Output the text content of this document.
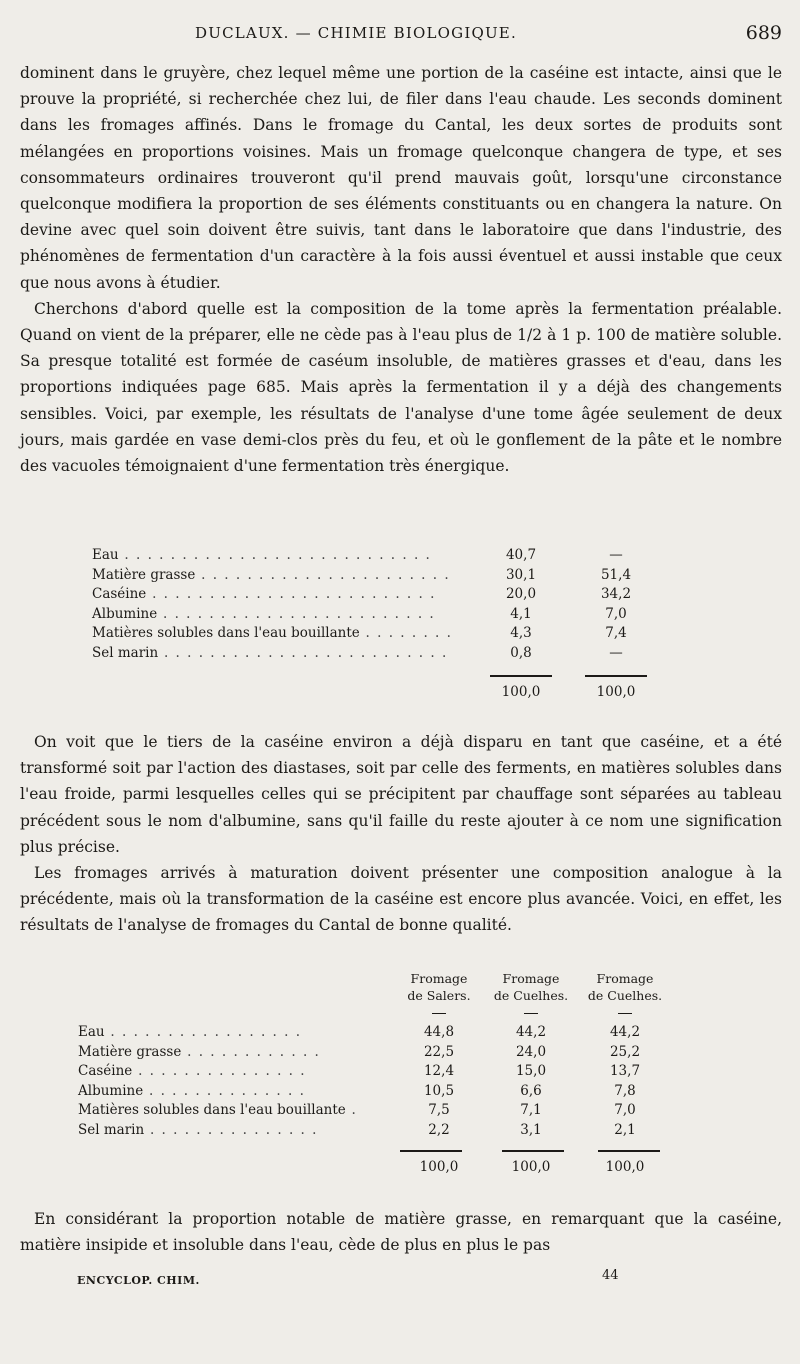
DUCLAUX. — CHIMIE BIOLOGIQUE.	689

dominent dans le gruyère, chez lequel même une portion de la caséine est intacte, ainsi que le prouve la propriété, si recherchée chez lui, de filer dans l'eau chaude. Les seconds dominent dans les fromages affinés. Dans le fromage du Cantal, les deux sortes de produits sont mélangées en proportions voisines. Mais un fromage quelconque changera de type, et ses consommateurs ordinaires trouveront qu'il prend mauvais goût, lorsqu'une circonstance quelconque modifiera la proportion de ses éléments constituants ou en changera la nature. On devine avec quel soin doivent être suivis, tant dans le laboratoire que dans l'industrie, des phénomènes de fermentation d'un caractère à la fois aussi éventuel et aussi instable que ceux que nous avons à étudier.

Cherchons d'abord quelle est la composition de la tome après la fermentation préalable. Quand on vient de la préparer, elle ne cède pas à l'eau plus de 1/2 à 1 p. 100 de matière soluble. Sa presque totalité est formée de caséum insoluble, de matières grasses et d'eau, dans les proportions indiquées page 685. Mais après la fermentation il y a déjà des changements sensibles. Voici, par exemple, les résultats de l'analyse d'une tome âgée seulement de deux jours, mais gardée en vase demi-clos près du feu, et où le gonflement de la pâte et le nombre des vacuoles témoignaient d'une fermentation très énergique.

Eau . . . . . . . . . . . . . . . . . . . . . . . . . . .	40,7	—
Matière grasse . . . . . . . . . . . . . . . . . . . . . .	30,1	51,4
Caséine . . . . . . . . . . . . . . . . . . . . . . . . .	20,0	34,2
Albumine . . . . . . . . . . . . . . . . . . . . . . . .	4,1	7,0
Matières solubles dans l'eau bouillante . . . . . . . .	4,3	7,4
Sel marin . . . . . . . . . . . . . . . . . . . . . . . . .	0,8	—
100,0	100,0

On voit que le tiers de la caséine environ a déjà disparu en tant que caséine, et a été transformé soit par l'action des diastases, soit par celle des ferments, en matières solubles dans l'eau froide, parmi lesquelles celles qui se précipitent par chauffage sont séparées au tableau précédent sous le nom d'albumine, sans qu'il faille du reste ajouter à ce nom une signification plus précise.

Les fromages arrivés à maturation doivent présenter une composition analogue à la précédente, mais où la transformation de la caséine est encore plus avancée. Voici, en effet, les résultats de l'analyse de fromages du Cantal de bonne qualité.

Fromage
de Salers.
Fromage
de Cuelhes.
Fromage
de Cuelhes.
Eau . . . . . . . . . . . . . . . . .	44,8	44,2	44,2
Matière grasse . . . . . . . . . . . .	22,5	24,0	25,2
Caséine . . . . . . . . . . . . . . .	12,4	15,0	13,7
Albumine . . . . . . . . . . . . . .	10,5	6,6	7,8
Matières solubles dans l'eau bouillante .	7,5	7,1	7,0
Sel marin . . . . . . . . . . . . . . .	2,2	3,1	2,1
100,0	100,0	100,0

En considérant la proportion notable de matière grasse, en remarquant que la caséine, matière insipide et insoluble dans l'eau, cède de plus en plus le pas

ENCYCLOP. CHIM.	44
